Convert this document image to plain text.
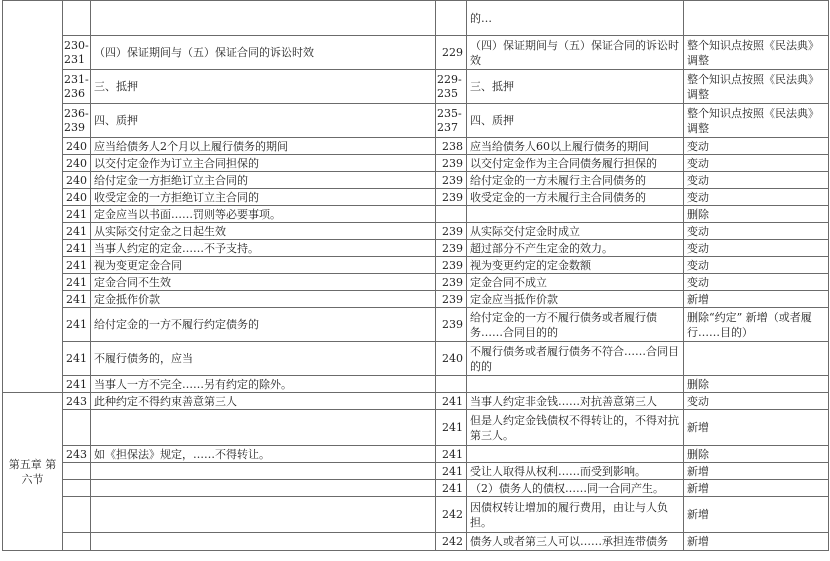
				的…	
	230-231	（四）保证期间与（五）保证合同的诉讼时效	229	（四）保证期间与（五）保证合同的诉讼时效	整个知识点按照《民法典》调整
	231-236	三、抵押	229-235	三、抵押	整个知识点按照《民法典》调整
	236-239	四、质押	235-237	四、质押	整个知识点按照《民法典》调整
	240	应当给债务人2个月以上履行债务的期间	238	应当给债务人60以上履行债务的期间	变动
	240	以交付定金作为订立主合同担保的	239	以交付定金作为主合同债务履行担保的	变动
	240	给付定金一方拒绝订立主合同的	239	给付定金的一方未履行主合同债务的	变动
	240	收受定金的一方拒绝订立主合同的	239	收受定金的一方未履行主合同债务的	变动
	241	定金应当以书面……罚则等必要事项。			删除
	241	从实际交付定金之日起生效	239	从实际交付定金时成立	变动
	241	当事人约定的定金……不予支持。	239	超过部分不产生定金的效力。	变动
	241	视为变更定金合同	239	视为变更约定的定金数额	变动
	241	定金合同不生效	239	定金合同不成立	变动
	241	定金抵作价款	239	定金应当抵作价款	新增
	241	给付定金的一方不履行约定债务的	239	给付定金的一方不履行债务或者履行债务……合同目的的	删除“约定” 新增（或者履行……目的）
	241	不履行债务的，应当	240	不履行债务或者履行债务不符合……合同目的的	
	241	当事人一方不完全……另有约定的除外。			删除
第五章 第六节	243	此种约定不得约束善意第三人	241	当事人约定非金钱……对抗善意第三人	变动
			241	但是人约定金钱债权不得转让的，不得对抗第三人。	新增
	243	如《担保法》规定，……不得转让。	241		删除
			241	受让人取得从权利……而受到影响。	新增
			241	（2）债务人的债权……同一合同产生。	新增
			242	因债权转让增加的履行费用，由让与人负担。	新增
			242	债务人或者第三人可以……承担连带债务	新增
